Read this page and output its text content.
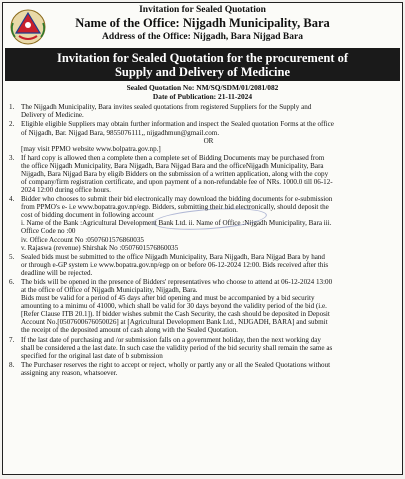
Invitation for Sealed Quotation
Name of the Office: Nijgadh Municipality, Bara
Address of the Office: Nijgadh, Bara Nijgad Bara
Invitation for Sealed Quotation for the procurement of
Supply and Delivery of Medicine
Sealed Quotation No: NM/SQ/SDM/01/2081/082
Date of Publication: 21-11-2024
1. The Nijgadh Municipality, Bara invites sealed quotations from registered Suppliers for the Supply and
Delivery of Medicine.
2. Eligible eligible Suppliers may obtain further information and inspect the Sealed quotation Forms at the office
of Nijgadh, Bar. Nijgad Bara, 9855076111,, nijgadhmun@gmail.com.
OR
[may visit PPMO website www.bolpatra.gov.np.]
3. If hard copy is allowed then a complete then a complete set of Bidding Documents may be purchased from
the office Nijgadh Municipality, Bara Nijgadh, Bara Nijgad Bara and the officeNijgadh Municipality, Bara
Nijgadh, Bara Nijgad Bara by eligib Bidders on the submission of a written application, along with the copy
of company/firm registration certificate, and upon payment of a non-refundable fee of NRs. 1000.0 till 06-12-
2024 12:00 during office hours.
4. Bidder who chooses to submit their bid electronically may download the bidding documents for e-submission
from PPMO's e- i.e www.bopatra.gov.np/egp. Bidders, submitting their bid electronically, should deposit the
cost of bidding document in following account
i. Name of the Bank :Agricultural Development Bank Ltd. ii. Name of Office :Nijgadh Municipality, Bara iii.
Office Code no :00
iv. Office Account No :0507601576860035
v. Rajaswa (revenue) Shirshak No :0507601576860035
5. Sealed bids must be submitted to the office Nijgadh Municipality, Bara Nijgadh, Bara Nijgad Bara by hand
or through e-GP system i.e www.bopatra.gov.np/egp on or before 06-12-2024 12:00. Bids received after this
deadline will be rejected.
6. The bids will be opened in the presence of Bidders' representatives who choose to attend at 06-12-2024 13:00
at the office of Office of Nijgadh Municipality, Nijgadh, Bara.
Bids must be valid for a period of 45 days after bid opening and must be accompanied by a bid security
amounting to a minimu of 41000, which shall be valid for 30 days beyond the validity period of the bid (i.e.
[Refer Clause ITB 20.1]). If bidder wishes submit the Cash Security, the cash should be deposited in Deposit
Account No.[0507600676050026] at [Agricultural Development Bank Ltd., NIJGADH, BARA] and submit
the receipt of the deposited amount of cash along with the Sealed Quotation.
7. If the last date of purchasing and /or submission falls on a government holiday, then the next working day
shall be considered a the last date. In such case the validity period of the bid security shall remain the same as
specified for the original last date of b submission
8. The Purchaser reserves the right to accept or reject, wholly or partly any or all the Sealed Quotations without
assigning any reason, whatsoever.
